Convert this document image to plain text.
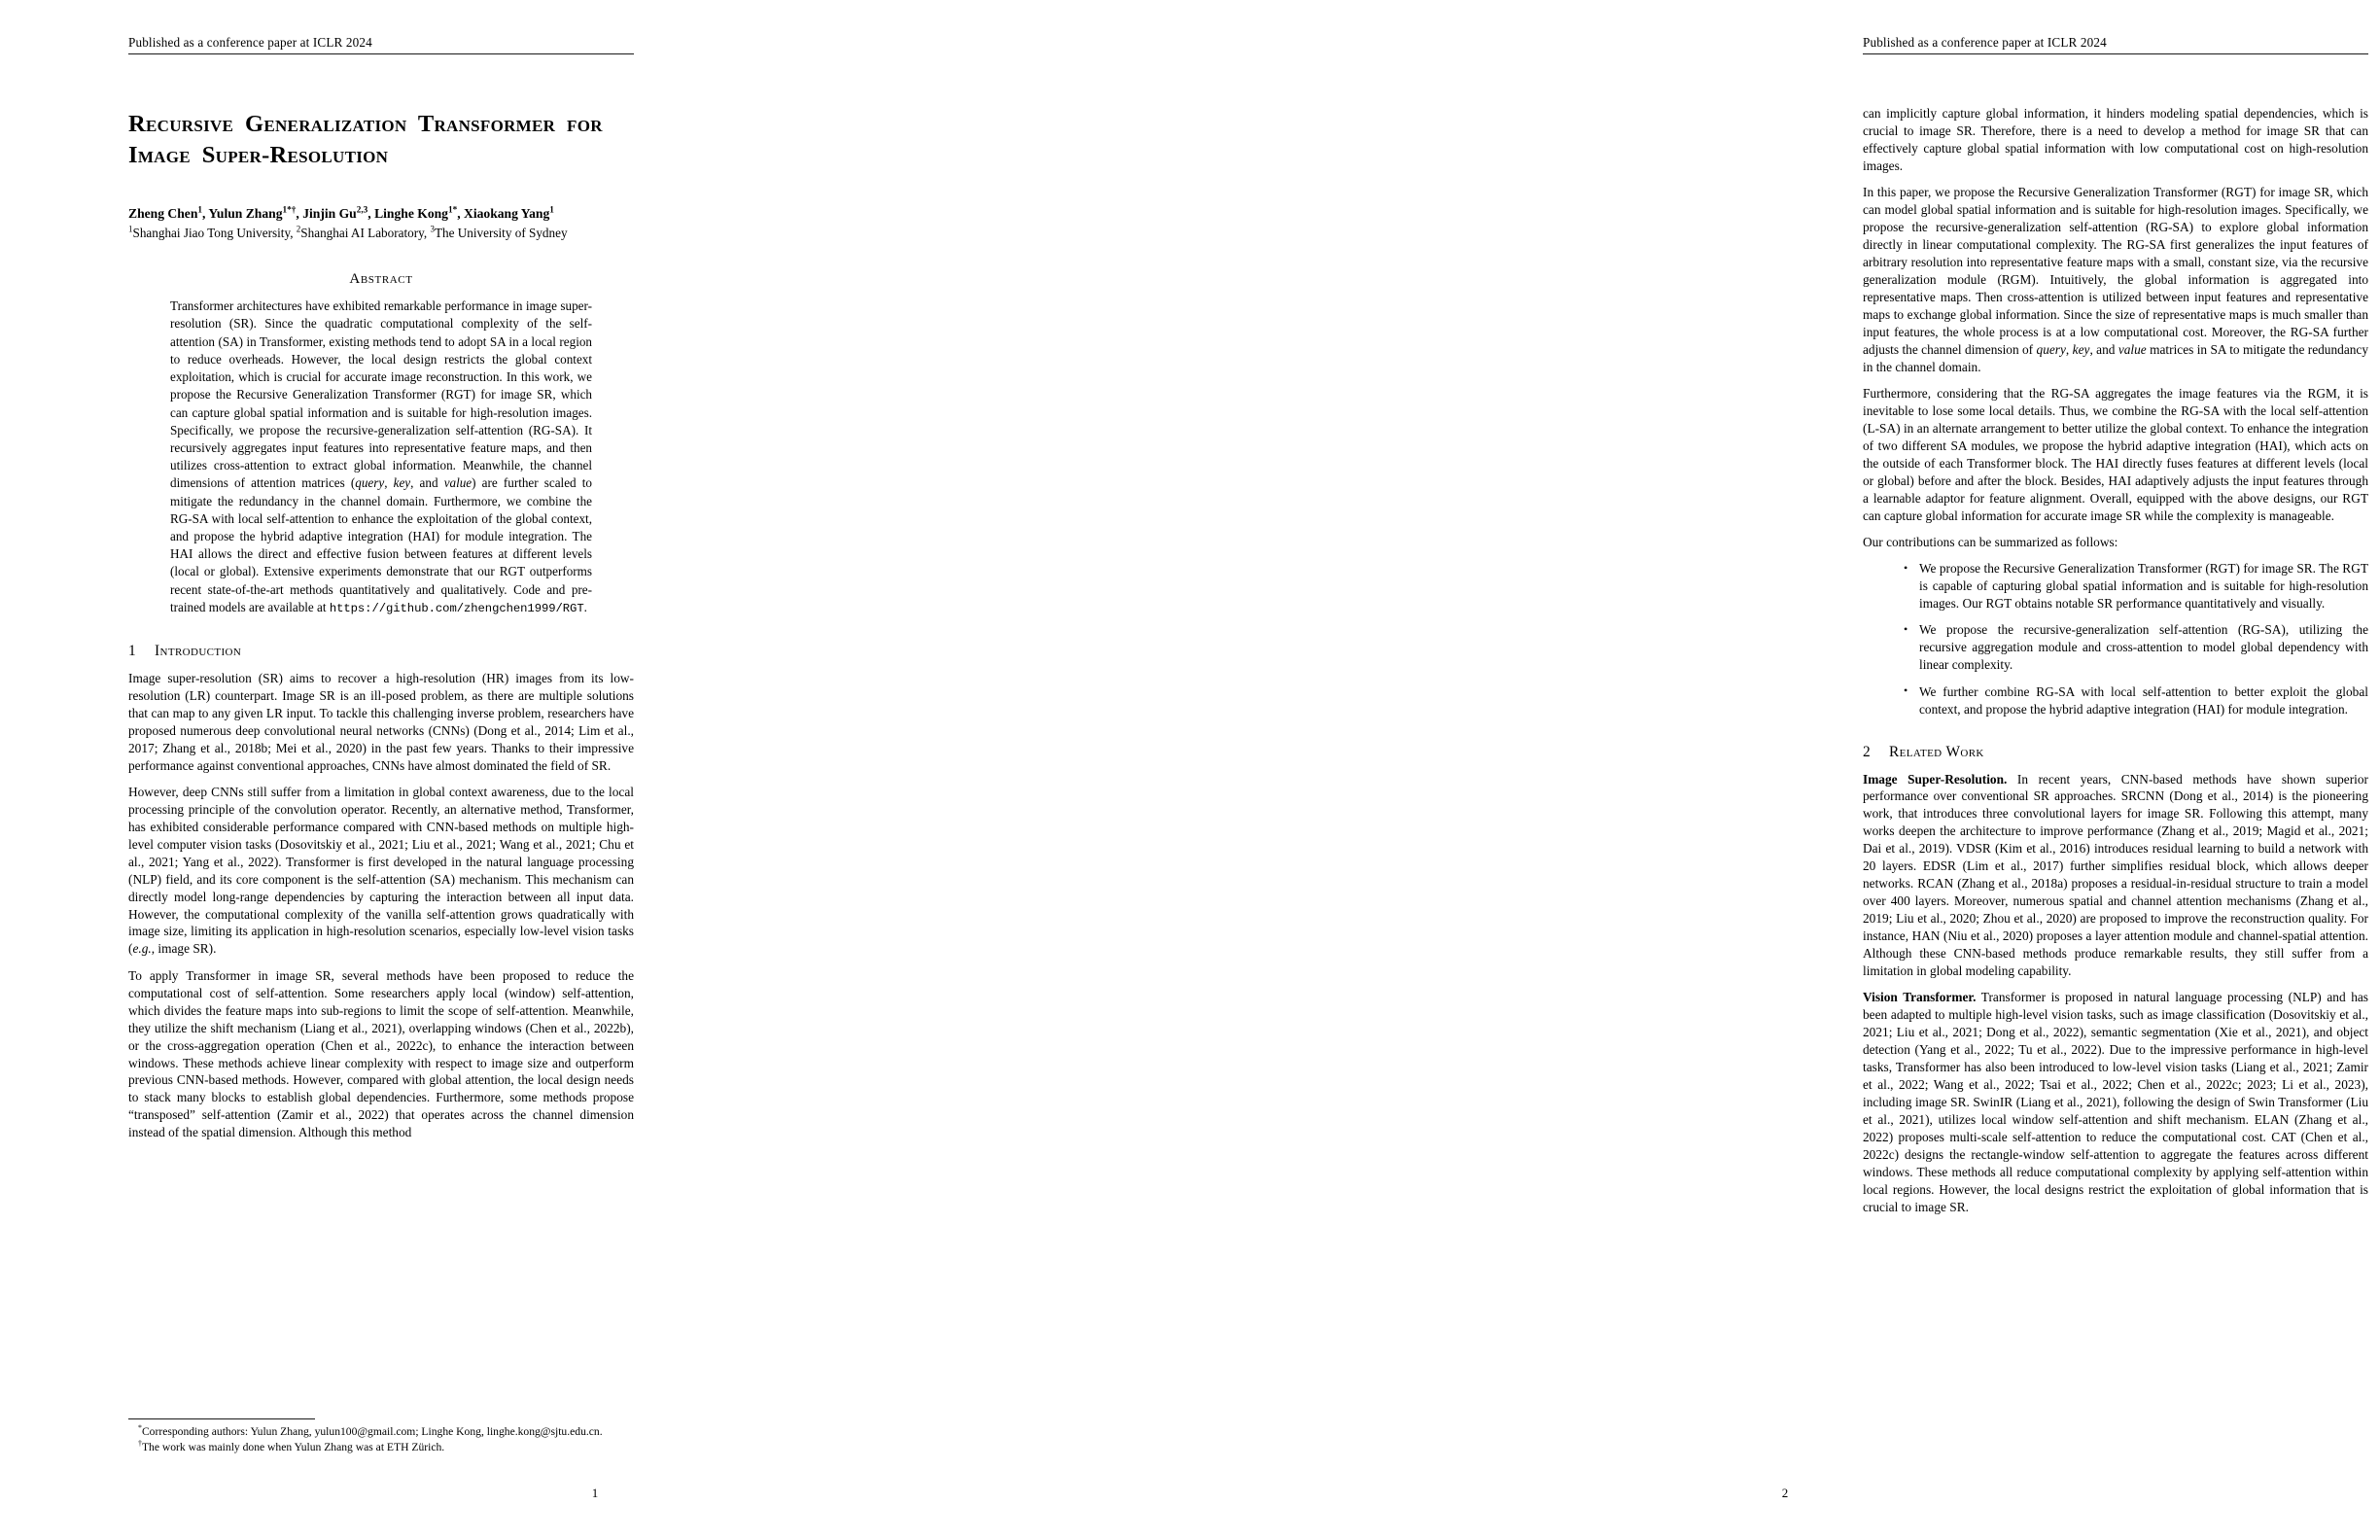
Published as a conference paper at ICLR 2024
Recursive Generalization Transformer for
Image Super-Resolution
Zheng Chen$^1$, Yulun Zhang$^{1*\dagger}$, Jinjin Gu$^{2,3}$, Linghe Kong$^{1*}$, Xiaokang Yang$^1$
$^1$Shanghai Jiao Tong University, $^2$Shanghai AI Laboratory, $^3$The University of Sydney
Abstract
Transformer architectures have exhibited remarkable performance in image super-resolution (SR). Since the quadratic computational complexity of the self-attention (SA) in Transformer, existing methods tend to adopt SA in a local region to reduce overheads. However, the local design restricts the global context exploitation, which is crucial for accurate image reconstruction. In this work, we propose the Recursive Generalization Transformer (RGT) for image SR, which can capture global spatial information and is suitable for high-resolution images. Specifically, we propose the recursive-generalization self-attention (RG-SA). It recursively aggregates input features into representative feature maps, and then utilizes cross-attention to extract global information. Meanwhile, the channel dimensions of attention matrices (query, key, and value) are further scaled to mitigate the redundancy in the channel domain. Furthermore, we combine the RG-SA with local self-attention to enhance the exploitation of the global context, and propose the hybrid adaptive integration (HAI) for module integration. The HAI allows the direct and effective fusion between features at different levels (local or global). Extensive experiments demonstrate that our RGT outperforms recent state-of-the-art methods quantitatively and qualitatively. Code and pre-trained models are available at https://github.com/zhengchen1999/RGT.
1 Introduction

Image super-resolution (SR) aims to recover a high-resolution (HR) images from its low-resolution (LR) counterpart. Image SR is an ill-posed problem, as there are multiple solutions that can map to any given LR input. To tackle this challenging inverse problem, researchers have proposed numerous deep convolutional neural networks (CNNs) (Dong et al., 2014; Lim et al., 2017; Zhang et al., 2018b; Mei et al., 2020) in the past few years. Thanks to their impressive performance against conventional approaches, CNNs have almost dominated the field of SR.

However, deep CNNs still suffer from a limitation in global context awareness, due to the local processing principle of the convolution operator. Recently, an alternative method, Transformer, has exhibited considerable performance compared with CNN-based methods on multiple high-level computer vision tasks (Dosovitskiy et al., 2021; Liu et al., 2021; Wang et al., 2021; Chu et al., 2021; Yang et al., 2022). Transformer is first developed in the natural language processing (NLP) field, and its core component is the self-attention (SA) mechanism. This mechanism can directly model long-range dependencies by capturing the interaction between all input data. However, the computational complexity of the vanilla self-attention grows quadratically with image size, limiting its application in high-resolution scenarios, especially low-level vision tasks (e.g., image SR).

To apply Transformer in image SR, several methods have been proposed to reduce the computational cost of self-attention. Some researchers apply local (window) self-attention, which divides the feature maps into sub-regions to limit the scope of self-attention. Meanwhile, they utilize the shift mechanism (Liang et al., 2021), overlapping windows (Chen et al., 2022b), or the cross-aggregation operation (Chen et al., 2022c), to enhance the interaction between windows. These methods achieve linear complexity with respect to image size and outperform previous CNN-based methods. However, compared with global attention, the local design needs to stack many blocks to establish global dependencies. Furthermore, some methods propose “transposed” self-attention (Zamir et al., 2022) that operates across the channel dimension instead of the spatial dimension. Although this method

*Corresponding authors: Yulun Zhang, yulun100@gmail.com; Linghe Kong, linghe.kong@sjtu.edu.cn.
†The work was mainly done when Yulun Zhang was at ETH Zürich.
1
Published as a conference paper at ICLR 2024

can implicitly capture global information, it hinders modeling spatial dependencies, which is crucial to image SR. Therefore, there is a need to develop a method for image SR that can effectively capture global spatial information with low computational cost on high-resolution images.

In this paper, we propose the Recursive Generalization Transformer (RGT) for image SR, which can model global spatial information and is suitable for high-resolution images. Specifically, we propose the recursive-generalization self-attention (RG-SA) to explore global information directly in linear computational complexity. The RG-SA first generalizes the input features of arbitrary resolution into representative feature maps with a small, constant size, via the recursive generalization module (RGM). Intuitively, the global information is aggregated into representative maps. Then cross-attention is utilized between input features and representative maps to exchange global information. Since the size of representative maps is much smaller than input features, the whole process is at a low computational cost. Moreover, the RG-SA further adjusts the channel dimension of query, key, and value matrices in SA to mitigate the redundancy in the channel domain.

Furthermore, considering that the RG-SA aggregates the image features via the RGM, it is inevitable to lose some local details. Thus, we combine the RG-SA with the local self-attention (L-SA) in an alternate arrangement to better utilize the global context. To enhance the integration of two different SA modules, we propose the hybrid adaptive integration (HAI), which acts on the outside of each Transformer block. The HAI directly fuses features at different levels (local or global) before and after the block. Besides, HAI adaptively adjusts the input features through a learnable adaptor for feature alignment. Overall, equipped with the above designs, our RGT can capture global information for accurate image SR while the complexity is manageable.

Our contributions can be summarized as follows:

• We propose the Recursive Generalization Transformer (RGT) for image SR. The RGT is capable of capturing global spatial information and is suitable for high-resolution images. Our RGT obtains notable SR performance quantitatively and visually.
• We propose the recursive-generalization self-attention (RG-SA), utilizing the recursive aggregation module and cross-attention to model global dependency with linear complexity.
• We further combine RG-SA with local self-attention to better exploit the global context, and propose the hybrid adaptive integration (HAI) for module integration.
2 Related Work

Image Super-Resolution. In recent years, CNN-based methods have shown superior performance over conventional SR approaches. SRCNN (Dong et al., 2014) is the pioneering work, that introduces three convolutional layers for image SR. Following this attempt, many works deepen the architecture to improve performance (Zhang et al., 2019; Magid et al., 2021; Dai et al., 2019). VDSR (Kim et al., 2016) introduces residual learning to build a network with 20 layers. EDSR (Lim et al., 2017) further simplifies residual block, which allows deeper networks. RCAN (Zhang et al., 2018a) proposes a residual-in-residual structure to train a model over 400 layers. Moreover, numerous spatial and channel attention mechanisms (Zhang et al., 2019; Liu et al., 2020; Zhou et al., 2020) are proposed to improve the reconstruction quality. For instance, HAN (Niu et al., 2020) proposes a layer attention module and channel-spatial attention. Although these CNN-based methods produce remarkable results, they still suffer from a limitation in global modeling capability.

Vision Transformer. Transformer is proposed in natural language processing (NLP) and has been adapted to multiple high-level vision tasks, such as image classification (Dosovitskiy et al., 2021; Liu et al., 2021; Dong et al., 2022), semantic segmentation (Xie et al., 2021), and object detection (Yang et al., 2022; Tu et al., 2022). Due to the impressive performance in high-level tasks, Transformer has also been introduced to low-level vision tasks (Liang et al., 2021; Zamir et al., 2022; Wang et al., 2022; Tsai et al., 2022; Chen et al., 2022c; 2023; Li et al., 2023), including image SR. SwinIR (Liang et al., 2021), following the design of Swin Transformer (Liu et al., 2021), utilizes local window self-attention and shift mechanism. ELAN (Zhang et al., 2022) proposes multi-scale self-attention to reduce the computational cost. CAT (Chen et al., 2022c) designs the rectangle-window self-attention to aggregate the features across different windows. These methods all reduce computational complexity by applying self-attention within local regions. However, the local designs restrict the exploitation of global information that is crucial to image SR.

2
